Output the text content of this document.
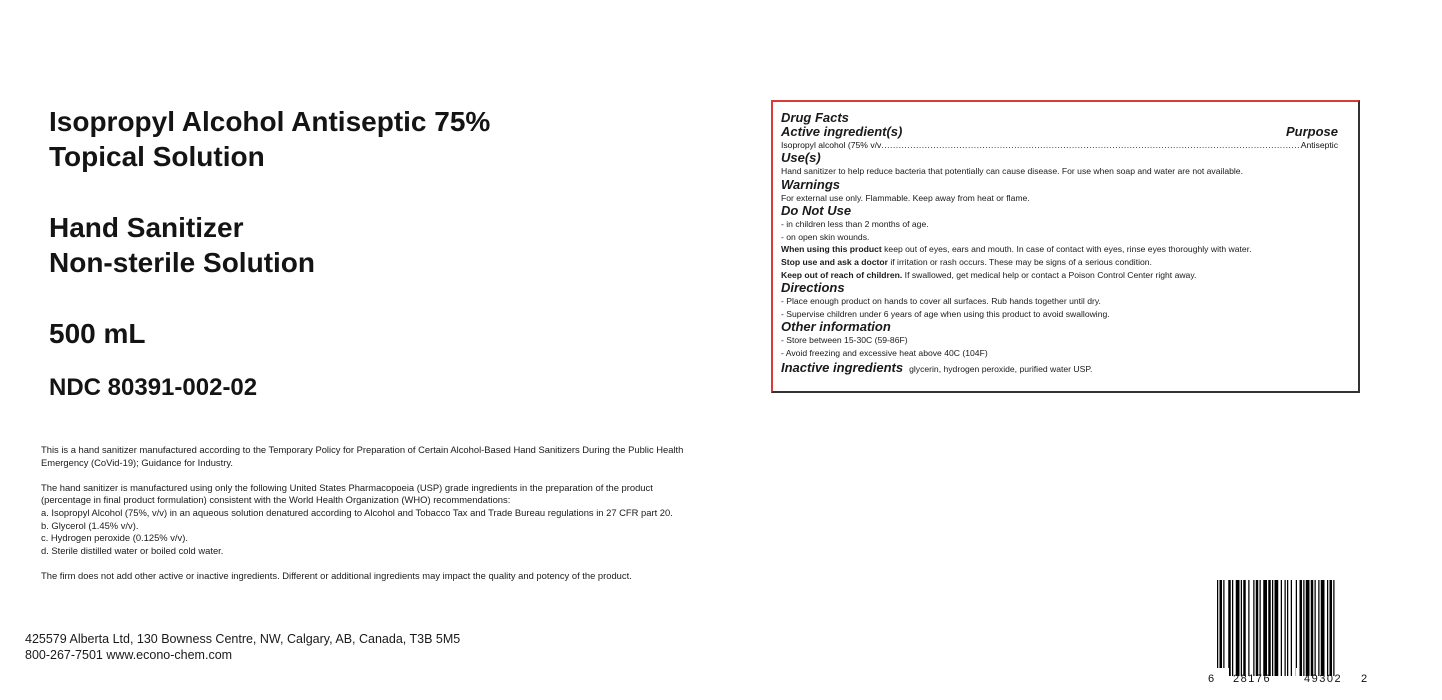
Isopropyl Alcohol Antiseptic 75%
Topical Solution
Hand Sanitizer
Non-sterile Solution
500 mL
NDC 80391-002-02

This is a hand sanitizer manufactured according to the Temporary Policy for Preparation of Certain Alcohol-Based Hand Sanitizers During the Public Health

Emergency (CoVid-19); Guidance for Industry.

The hand sanitizer is manufactured using only the following United States Pharmacopoeia (USP) grade ingredients in the preparation of the product

(percentage in final product formulation) consistent with the World Health Organization (WHO) recommendations:

a. Isopropyl Alcohol (75%, v/v) in an aqueous solution denatured according to Alcohol and Tobacco Tax and Trade Bureau regulations in 27 CFR part 20.

b. Glycerol (1.45% v/v).

c. Hydrogen peroxide (0.125% v/v).

d. Sterile distilled water or boiled cold water.

The firm does not add other active or inactive ingredients. Different or additional ingredients may impact the quality and potency of the product.

425579 Alberta Ltd, 130 Bowness Centre, NW, Calgary, AB, Canada, T3B 5M5
800-267-7501 www.econo-chem.com
6 28176	49302 2

Drug Facts

Active ingredient(s)	Purpose

Isopropyl alcohol (75% v/v
.....	Antiseptic

Use(s)

Hand sanitizer to help reduce bacteria that potentially can cause disease. For use when soap and water are not available.

Warnings

For external use only. Flammable. Keep away from heat or flame.

Do Not Use

- in children less than 2 months of age.

- on open skin wounds.

When using this product keep out of eyes, ears and mouth. In case of contact with eyes, rinse eyes thoroughly with water.

Stop use and ask a doctor if irritation or rash occurs. These may be signs of a serious condition.

Keep out of reach of children. If swallowed, get medical help or contact a Poison Control Center right away.

Directions

- Place enough product on hands to cover all surfaces. Rub hands together until dry.

- Supervise children under 6 years of age when using this product to avoid swallowing.

Other information

- Store between 15-30C (59-86F)

- Avoid freezing and excessive heat above 40C (104F)

Inactive ingredients glycerin, hydrogen peroxide, purified water USP.
